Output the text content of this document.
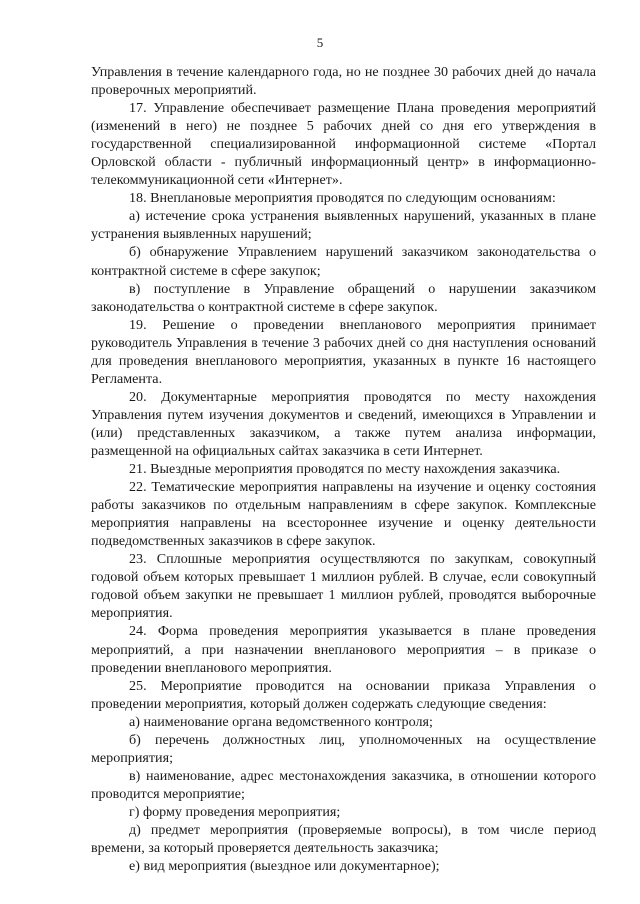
5

Управления в течение календарного года, но не позднее 30 рабочих дней до начала проверочных мероприятий.

17. Управление обеспечивает размещение Плана проведения мероприятий (изменений в него) не позднее 5 рабочих дней со дня его утверждения в государственной специализированной информационной системе «Портал Орловской области - публичный информационный центр» в информационно-телекоммуникационной сети «Интернет».

18. Внеплановые мероприятия проводятся по следующим основаниям:

а) истечение срока устранения выявленных нарушений, указанных в плане устранения выявленных нарушений;

б) обнаружение Управлением нарушений заказчиком законодательства о контрактной системе в сфере закупок;

в) поступление в Управление обращений о нарушении заказчиком законодательства о контрактной системе в сфере закупок.

19. Решение о проведении внепланового мероприятия принимает руководитель Управления в течение 3 рабочих дней со дня наступления оснований для проведения внепланового мероприятия, указанных в пункте 16 настоящего Регламента.

20. Документарные мероприятия проводятся по месту нахождения Управления путем изучения документов и сведений, имеющихся в Управлении и (или) представленных заказчиком, а также путем анализа информации, размещенной на официальных сайтах заказчика в сети Интернет.

21. Выездные мероприятия проводятся по месту нахождения заказчика.

22. Тематические мероприятия направлены на изучение и оценку состояния работы заказчиков по отдельным направлениям в сфере закупок. Комплексные мероприятия направлены на всестороннее изучение и оценку деятельности подведомственных заказчиков в сфере закупок.

23. Сплошные мероприятия осуществляются по закупкам, совокупный годовой объем которых превышает 1 миллион рублей. В случае, если совокупный годовой объем закупки не превышает 1 миллион рублей, проводятся выборочные мероприятия.

24. Форма проведения мероприятия указывается в плане проведения мероприятий, а при назначении внепланового мероприятия – в приказе о проведении внепланового мероприятия.

25. Мероприятие проводится на основании приказа Управления о проведении мероприятия, который должен содержать следующие сведения:

а) наименование органа ведомственного контроля;

б) перечень должностных лиц, уполномоченных на осуществление мероприятия;

в) наименование, адрес местонахождения заказчика, в отношении которого проводится мероприятие;

г) форму проведения мероприятия;

д) предмет мероприятия (проверяемые вопросы), в том числе период времени, за который проверяется деятельность заказчика;

е) вид мероприятия (выездное или документарное);
